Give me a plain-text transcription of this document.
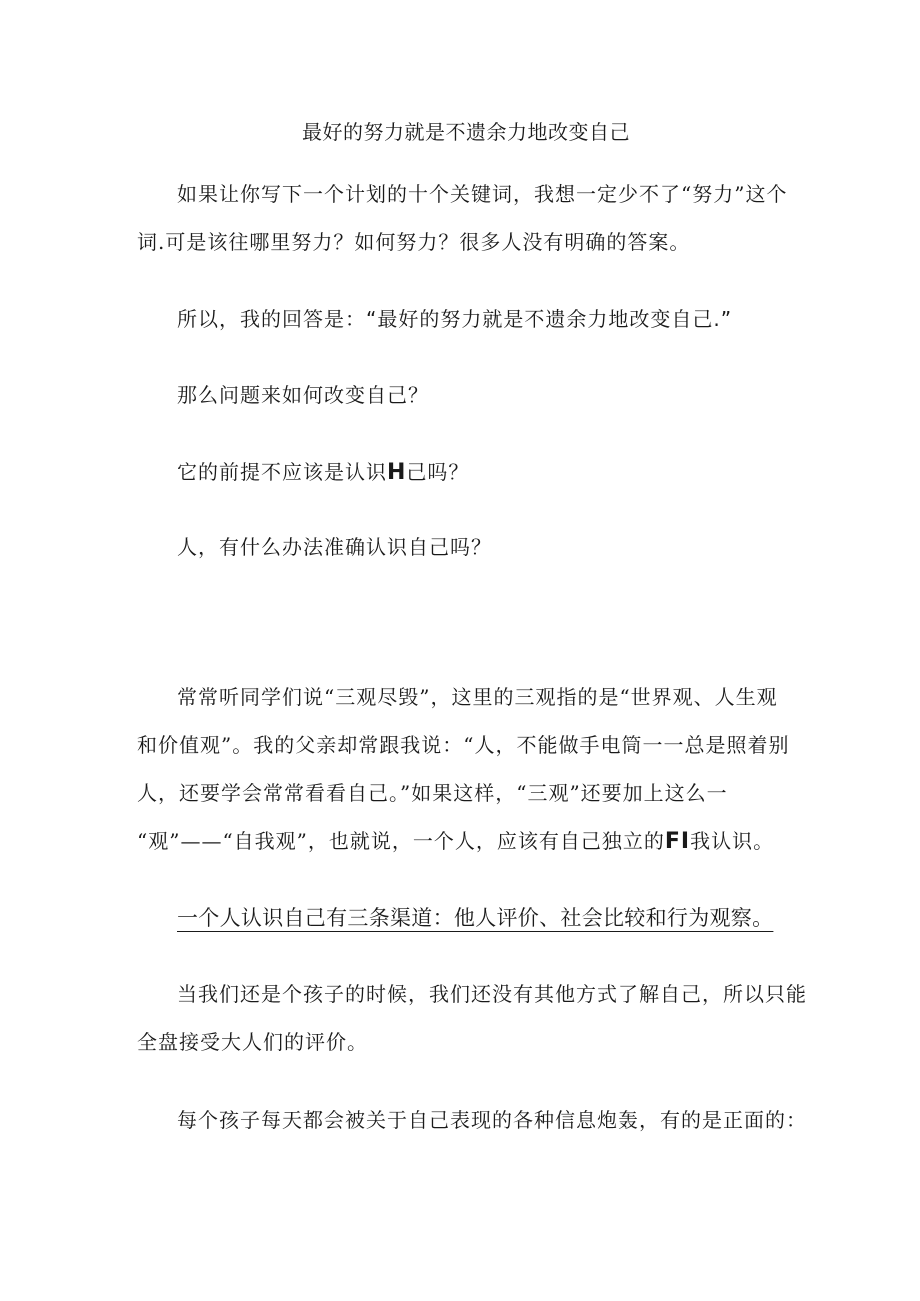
最好的努力就是不遗余力地改变自己
如果让你写下一个计划的十个关键词，我想一定少不了“努力”这个
词.可是该往哪里努力？如何努力？很多人没有明确的答案。
所以，我的回答是：“最好的努力就是不遗余力地改变自己.”
那么问题来如何改变自己？
它的前提不应该是认识H己吗？
人，有什么办法准确认识自己吗？
常常听同学们说“三观尽毁”，这里的三观指的是“世界观、人生观
和价值观”。我的父亲却常跟我说：“人，不能做手电筒一一总是照着别
人，还要学会常常看看自己。”如果这样，“三观”还要加上这么一
“观”——“自我观”，也就说，一个人，应该有自己独立的FI我认识。
一个人认识自己有三条渠道：他人评价、社会比较和行为观察。
当我们还是个孩子的时候，我们还没有其他方式了解自己，所以只能
全盘接受大人们的评价。
每个孩子每天都会被关于自己表现的各种信息炮轰，有的是正面的：
